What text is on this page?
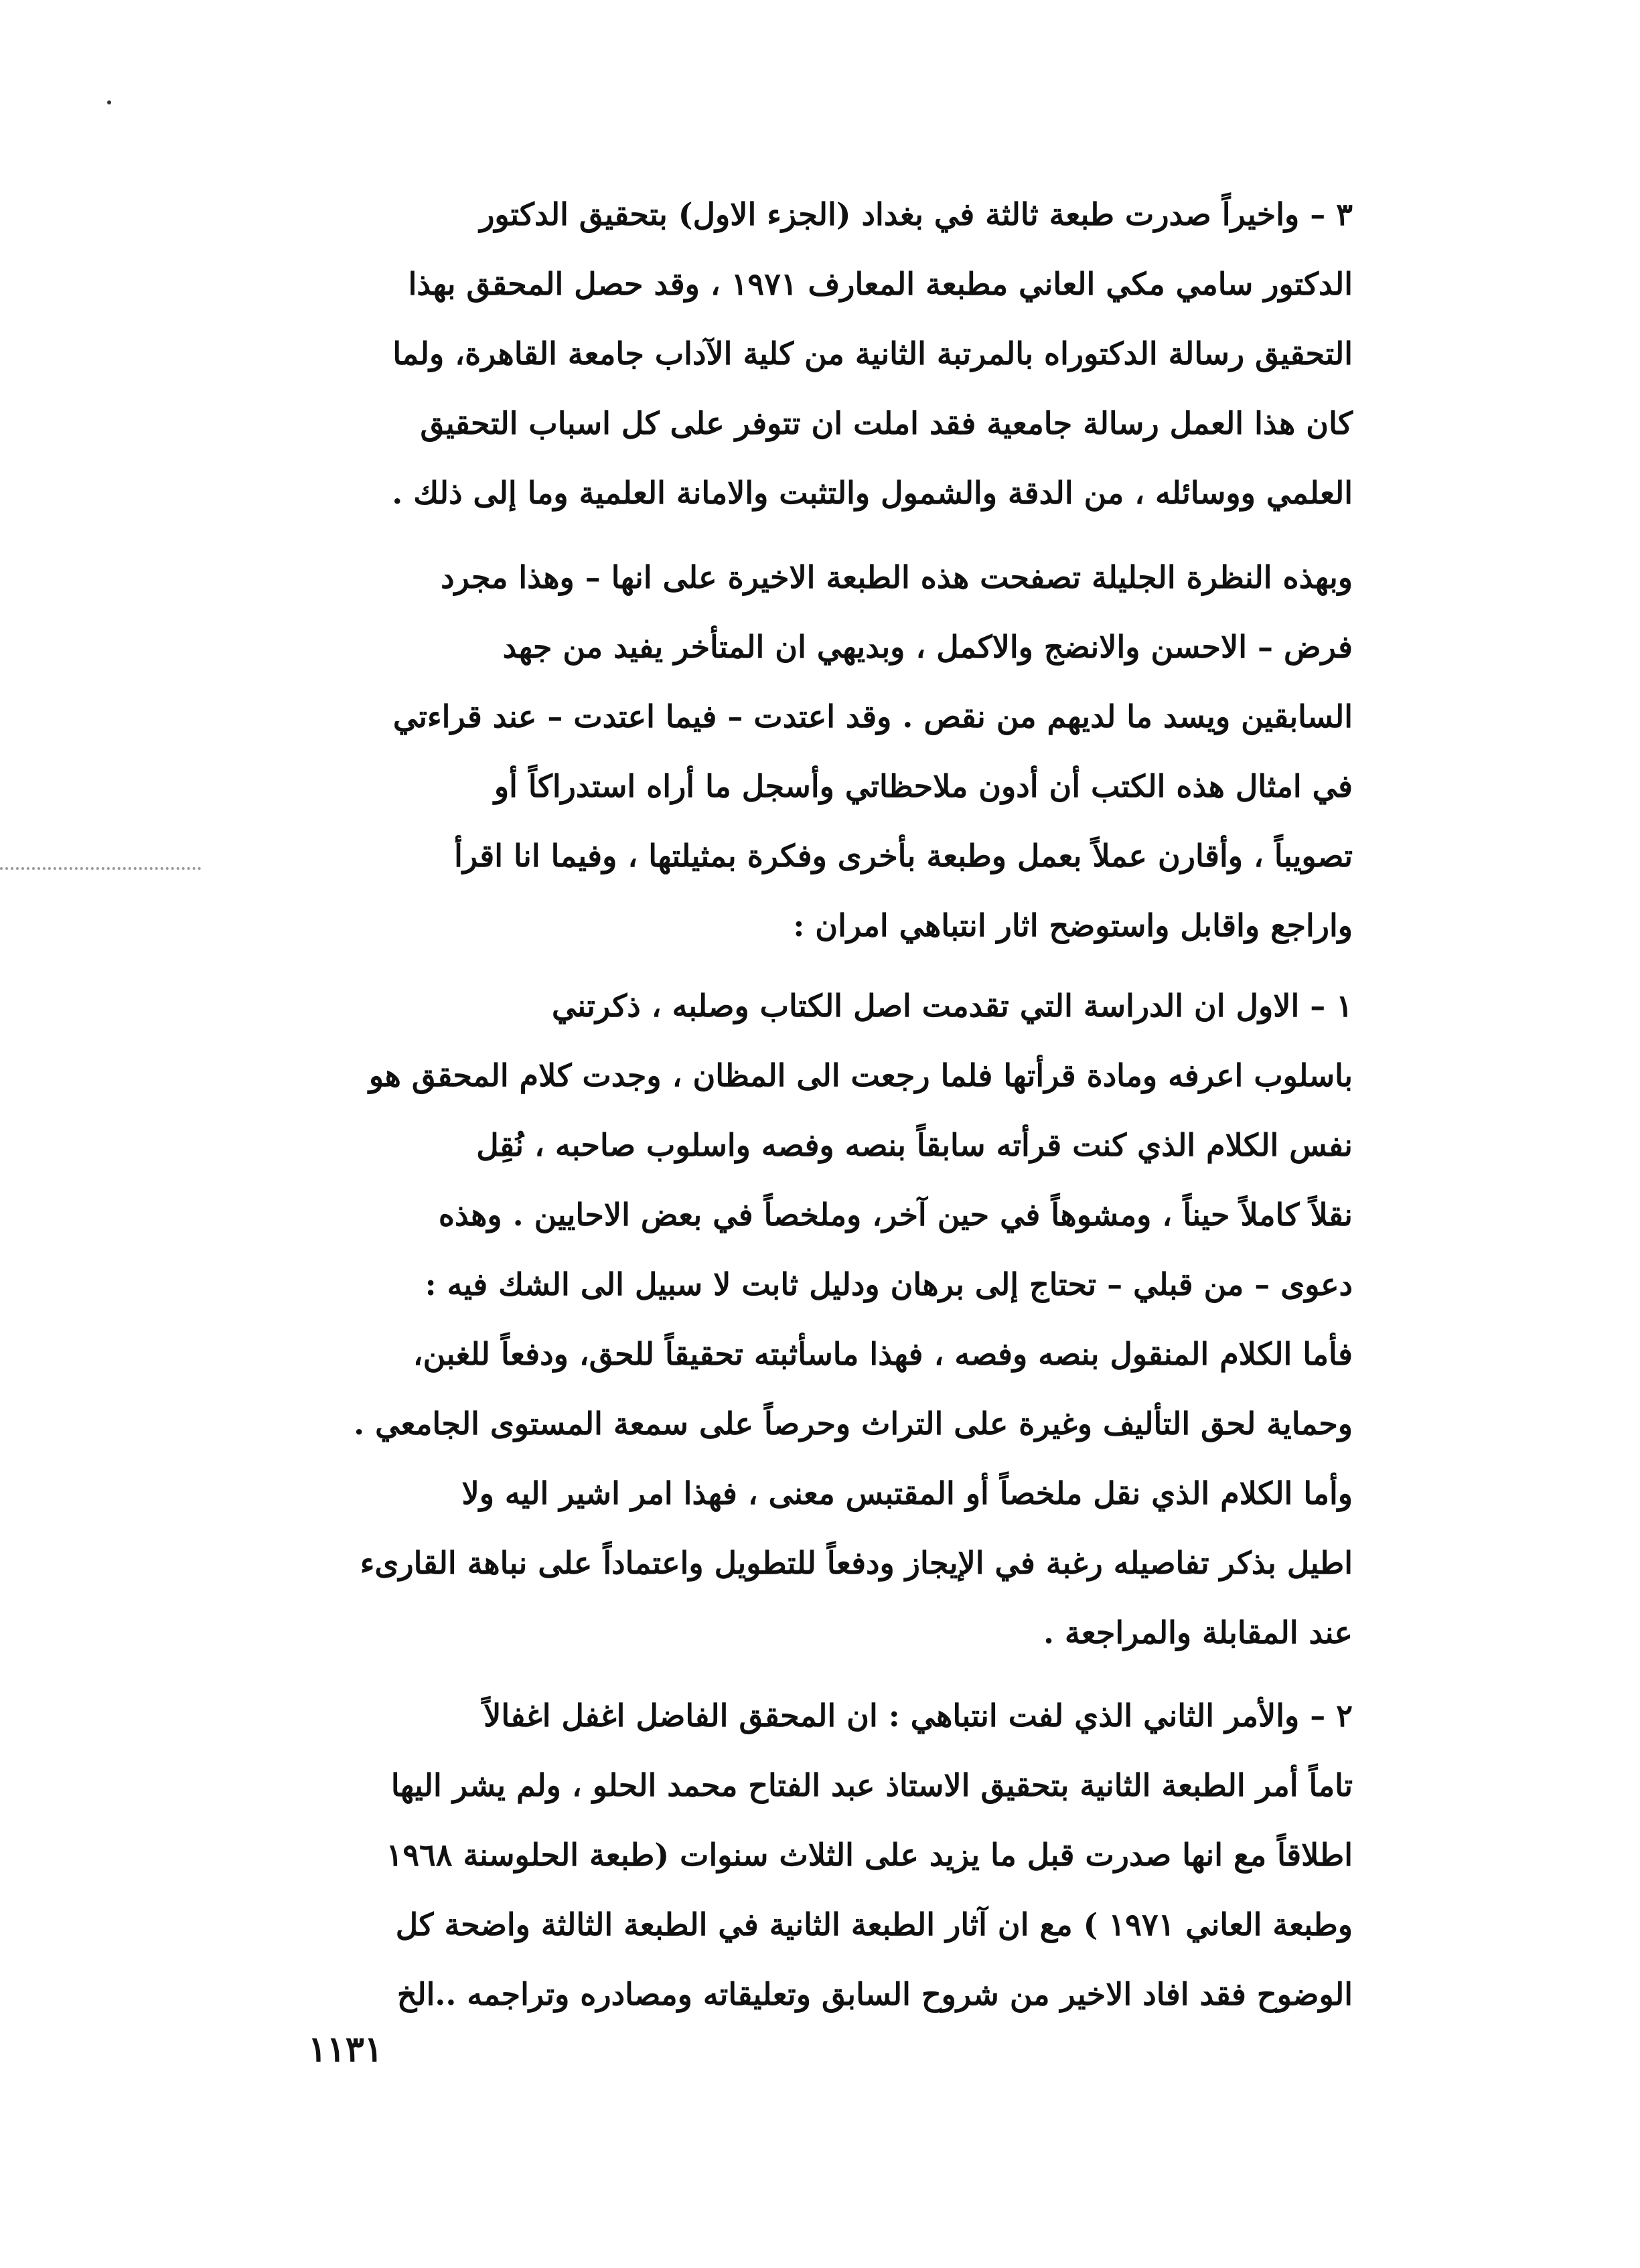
٣ – واخيراً صدرت طبعة ثالثة في بغداد (الجزء الاول) بتحقيق الدكتور

الدكتور سامي مكي العاني مطبعة المعارف ١٩٧١ ، وقد حصل المحقق بهذا

التحقيق رسالة الدكتوراه بالمرتبة الثانية من كلية الآداب جامعة القاهرة، ولما

كان هذا العمل رسالة جامعية فقد املت ان تتوفر على كل اسباب التحقيق

العلمي ووسائله ، من الدقة والشمول والتثبت والامانة العلمية وما إلى ذلك .

وبهذه النظرة الجليلة تصفحت هذه الطبعة الاخيرة على انها – وهذا مجرد

فرض – الاحسن والانضج والاكمل ، وبديهي ان المتأخر يفيد من جهد

السابقين ويسد ما لديهم من نقص . وقد اعتدت – فيما اعتدت – عند قراءتي

في امثال هذه الكتب أن أدون ملاحظاتي وأسجل ما أراه استدراكاً أو

تصويباً ، وأقارن عملاً بعمل وطبعة بأخرى وفكرة بمثيلتها ، وفيما انا اقرأ

واراجع واقابل واستوضح اثار انتباهي امران :

١ – الاول ان الدراسة التي تقدمت اصل الكتاب وصلبه ، ذكرتني

باسلوب اعرفه ومادة قرأتها فلما رجعت الى المظان ، وجدت كلام المحقق هو

نفس الكلام الذي كنت قرأته سابقاً بنصه وفصه واسلوب صاحبه ، نُقِل

نقلاً كاملاً حيناً ، ومشوهاً في حين آخر، وملخصاً في بعض الاحايين . وهذه

دعوى – من قبلي – تحتاج إلى برهان ودليل ثابت لا سبيل الى الشك فيه :

فأما الكلام المنقول بنصه وفصه ، فهذا ماسأثبته تحقيقاً للحق، ودفعاً للغبن،

وحماية لحق التأليف وغيرة على التراث وحرصاً على سمعة المستوى الجامعي .

وأما الكلام الذي نقل ملخصاً أو المقتبس معنى ، فهذا امر اشير اليه ولا

اطيل بذكر تفاصيله رغبة في الإيجاز ودفعاً للتطويل واعتماداً على نباهة القارىء

عند المقابلة والمراجعة .

٢ – والأمر الثاني الذي لفت انتباهي : ان المحقق الفاضل اغفل اغفالاً

تاماً أمر الطبعة الثانية بتحقيق الاستاذ عبد الفتاح محمد الحلو ، ولم يشر اليها

اطلاقاً مع انها صدرت قبل ما يزيد على الثلاث سنوات (طبعة الحلوسنة ١٩٦٨

وطبعة العاني ١٩٧١ ) مع ان آثار الطبعة الثانية في الطبعة الثالثة واضحة كل

الوضوح فقد افاد الاخير من شروح السابق وتعليقاته ومصادره وتراجمه ..الخ

١١٣١
